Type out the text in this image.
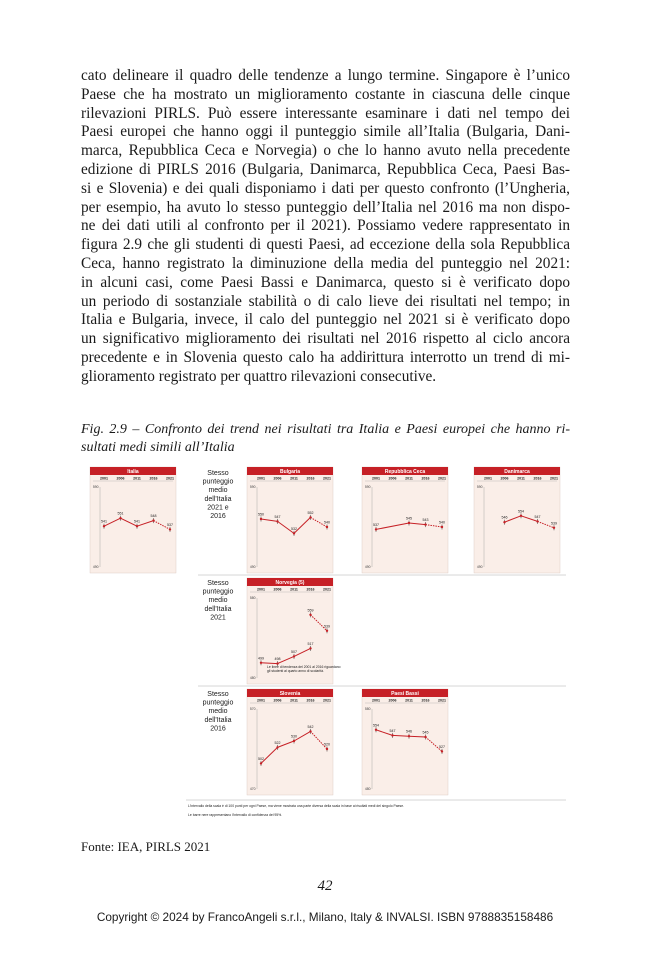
cato delineare il quadro delle tendenze a lungo termine. Singapore è l’unico
Paese che ha mostrato un miglioramento costante in ciascuna delle cinque
rilevazioni PIRLS. Può essere interessante esaminare i dati nel tempo dei
Paesi europei che hanno oggi il punteggio simile all’Italia (Bulgaria, Dani-
marca, Repubblica Ceca e Norvegia) o che lo hanno avuto nella precedente
edizione di PIRLS 2016 (Bulgaria, Danimarca, Repubblica Ceca, Paesi Bas-
si e Slovenia) e dei quali disponiamo i dati per questo confronto (l’Ungheria,
per esempio, ha avuto lo stesso punteggio dell’Italia nel 2016 ma non dispo-
ne dei dati utili al confronto per il 2021). Possiamo vedere rappresentato in
figura 2.9 che gli studenti di questi Paesi, ad eccezione della sola Repubblica
Ceca, hanno registrato la diminuzione della media del punteggio nel 2021:
in alcuni casi, come Paesi Bassi e Danimarca, questo si è verificato dopo
un periodo di sostanziale stabilità o di calo lieve dei risultati nel tempo; in
Italia e Bulgaria, invece, il calo del punteggio nel 2021 si è verificato dopo
un significativo miglioramento dei risultati nel 2016 rispetto al ciclo ancora
precedente e in Slovenia questo calo ha addirittura interrotto un trend di mi-
glioramento registrato per quattro rilevazioni consecutive.
Fig. 2.9 – Confronto dei trend nei risultati tra Italia e Paesi europei che hanno ri-
sultati medi simili all’Italia
Stesso
punteggio
medio
dell'Italia
2021 e
2016
Stesso
punteggio
medio
dell'Italia
2021
Stesso
punteggio
medio
dell'Italia
2016
Italia
2001 2006 2011 2016 2021
590
490
541
551
541
548
537
Bulgaria
2001 2006 2011 2016 2021
590
490
550
547
532
552
540
Repubblica Ceca
2001 2006 2011 2016 2021
590
490
537
545	543
540
Danimarca
2001 2006 2011 2016 2021
590
490
546
554
547
539
Norvegia (5)
2001 2006 2011 2016 2021
580
480
517
499	498
507
559
539
Le linee di tendenza del 2001 al 2016 riguardano
gli studenti al quarto anno di scolarità.
Slovenia
2001 2006 2011 2016 2021
570
470
502
522
530
542
520
Paesi Bassi
2001 2006 2011 2016 2021
580
480
554
547	546	545
527
L'intervallo della scala è di 100 punti per ogni Paese, ma viene mostrata una parte diversa della scala in base ai risultati medi del singolo Paese.
Le barre nere rappresentano l'intervallo di confidenza del 95%.
Fonte: IEA, PIRLS 2021
42
Copyright © 2024 by FrancoAngeli s.r.l., Milano, Italy & INVALSI. ISBN 9788835158486
